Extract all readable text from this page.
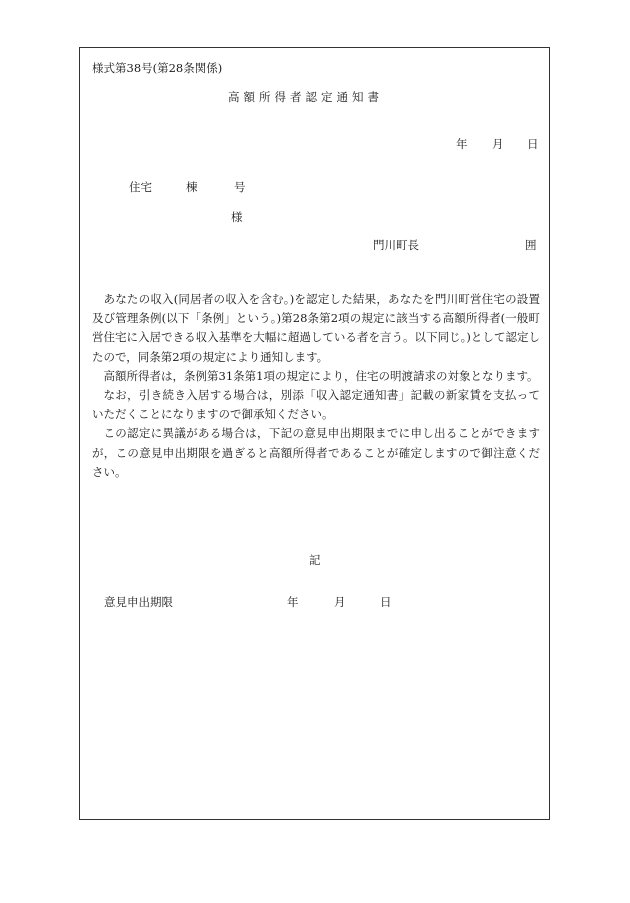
様式第38号(第28条関係)
高額所得者認定通知書
年 月 日
住宅	棟	号
様
門川町長	囲

あなたの収入(同居者の収入を含む。)を認定した結果，あなたを門川町営住宅の設置及び管理条例(以下「条例」という。)第28条第2項の規定に該当する高額所得者(一般町営住宅に入居できる収入基準を大幅に超過している者を言う。以下同じ。)として認定したので，同条第2項の規定により通知します。

高額所得者は，条例第31条第1項の規定により，住宅の明渡請求の対象となります。

なお，引き続き入居する場合は，別添「収入認定通知書」記載の新家賃を支払っていただくことになりますので御承知ください。

この認定に異議がある場合は，下記の意見申出期限までに申し出ることができますが，この意見申出期限を過ぎると高額所得者であることが確定しますので御注意ください。

記
意見申出期限	年	月	日
